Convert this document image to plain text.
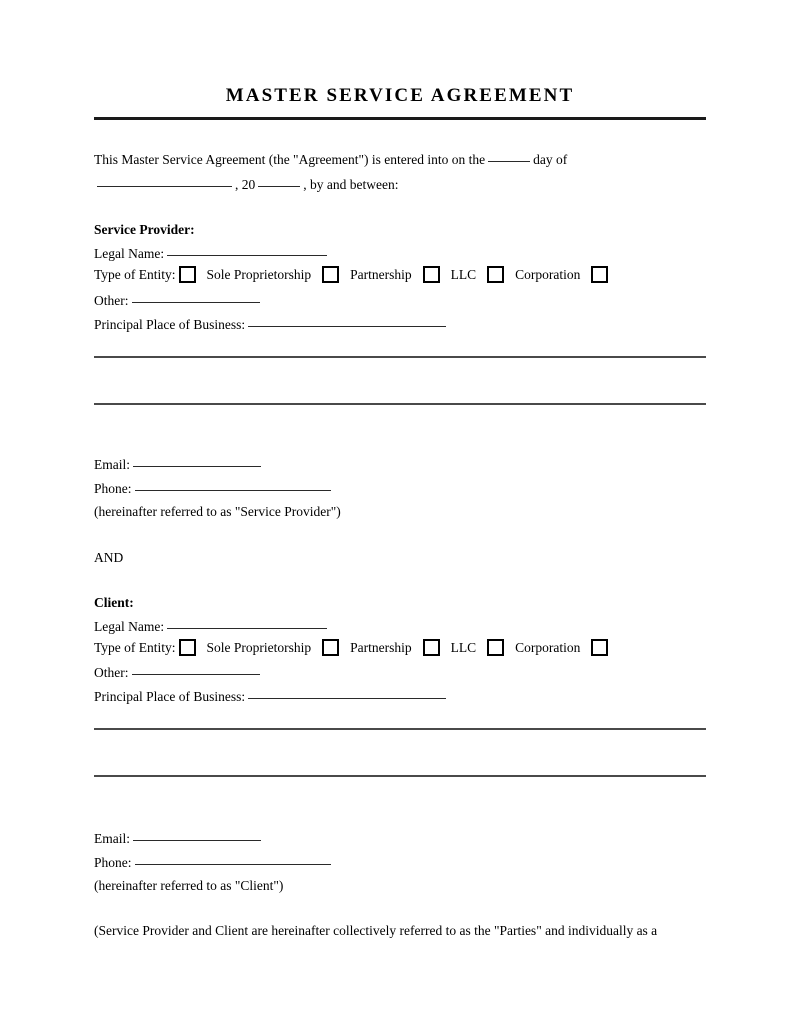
MASTER SERVICE AGREEMENT
This Master Service Agreement (the "Agreement") is entered into on the	day of
, 20	, by and between:
Service Provider:
Legal Name:
Type of Entity: Sole Proprietorship	Partnership	LLC	Corporation
Other:
Principal Place of Business:
Email:
Phone:
(hereinafter referred to as "Service Provider")
AND
Client:
Legal Name:
Type of Entity: Sole Proprietorship	Partnership	LLC	Corporation
Other:
Principal Place of Business:
Email:
Phone:
(hereinafter referred to as "Client")
(Service Provider and Client are hereinafter collectively referred to as the "Parties" and individually as a
